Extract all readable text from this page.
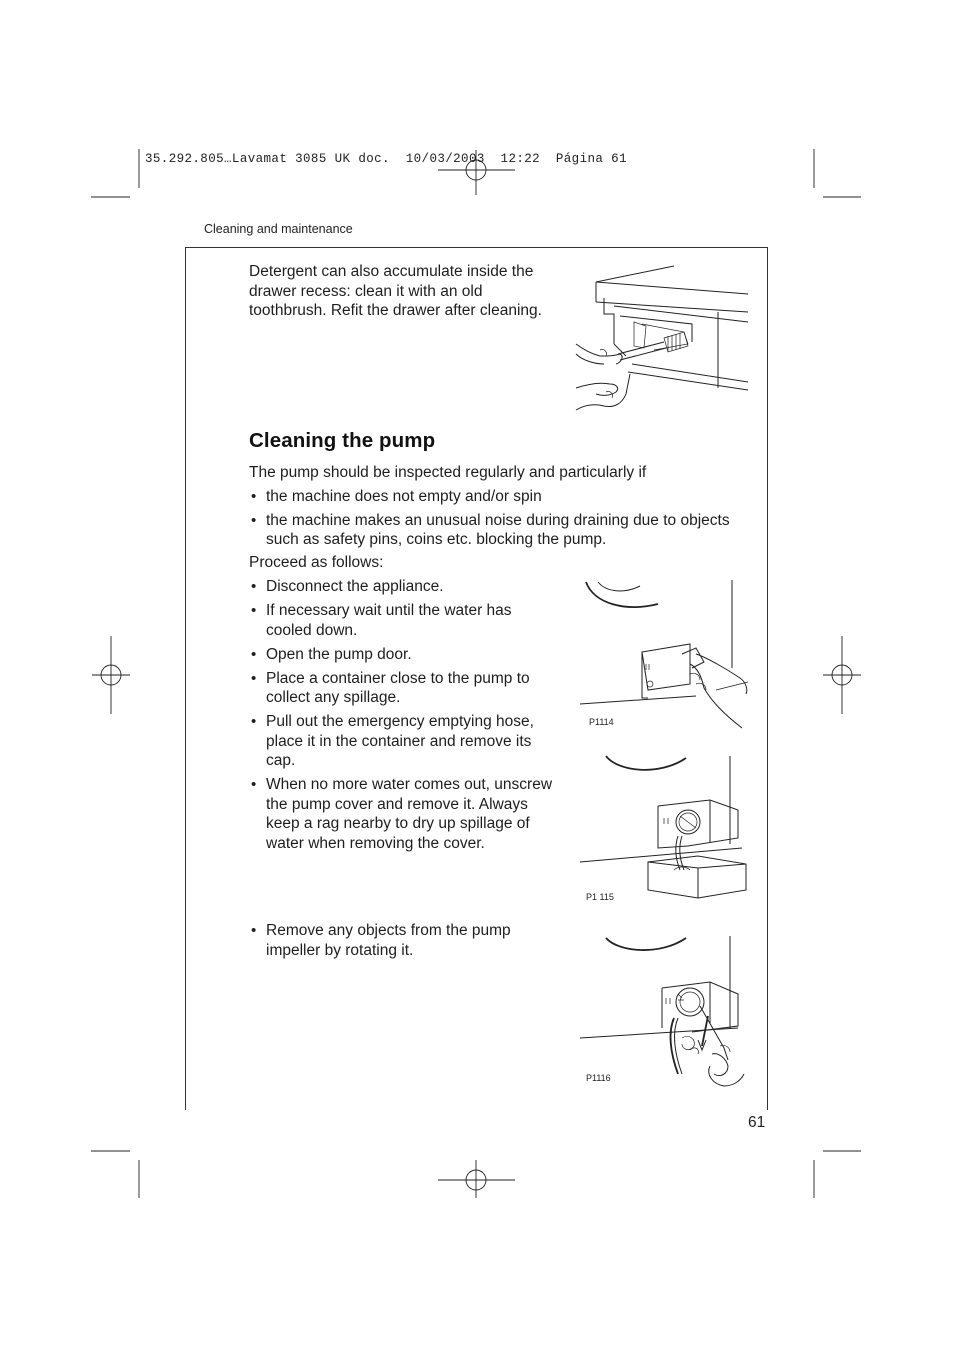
35.292.805…Lavamat 3085 UK doc.  10/03/2003  12:22  Página 61
Cleaning and maintenance
Detergent can also accumulate inside the drawer recess: clean it with an old toothbrush. Refit the drawer after cleaning.
Cleaning the pump
The pump should be inspected regularly and particularly if
• the machine does not empty and/or spin
• the machine makes an unusual noise during draining due to objects such as safety pins, coins etc. blocking the pump.
Proceed as follows:
• Disconnect the appliance.
• If necessary wait until the water has cooled down.
• Open the pump door.
• Place a container close to the pump to collect any spillage.
• Pull out the emergency emptying hose, place it in the container and remove its cap.
• When no more water comes out, unscrew the pump cover and remove it. Always keep a rag nearby to dry up spillage of water when removing the cover.
• Remove any objects from the pump impeller by rotating it.
P1114
P1 115
P1116
61
